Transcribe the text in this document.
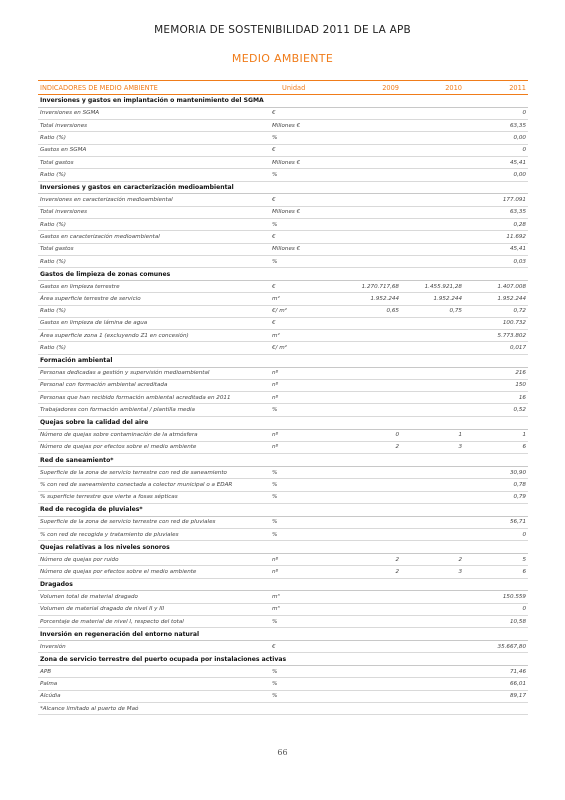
MEMORIA DE SOSTENIBILIDAD 2011 DE LA APB
MEDIO AMBIENTE
INDICADORES DE MEDIO AMBIENTE	Unidad	2009	2010	2011
Inversiones y gastos en implantación o mantenimiento del SGMA				
Inversiones en SGMA	€			0
Total inversiones	Millones €			63,35
Ratio (%)	%			0,00
Gastos en SGMA	€			0
Total gastos	Millones €			45,41
Ratio (%)	%			0,00
Inversiones y gastos en caracterización medioambiental				
Inversiones en caracterización medioambiental	€			177.091
Total inversiones	Millones €			63,35
Ratio (%)	%			0,28
Gastos en caracterización medioambiental	€			11.692
Total gastos	Millones €			45,41
Ratio (%)	%			0,03
Gastos de limpieza de zonas comunes				
Gastos en limpieza terrestre	€	1.270.717,68	1.455.921,28	1.407.008
Área superficie terrestre de servicio	m²	1.952.244	1.952.244	1.952.244
Ratio (%)	€/ m²	0,65	0,75	0,72
Gastos en limpieza de lámina de agua	€			100.732
Área superficie zona 1 (excluyendo Z1 en concesión)	m²			5.773.802
Ratio (%)	€/ m²			0,017
Formación ambiental				
Personas dedicadas a gestión y supervisión medioambiental	nº			216
Personal con formación ambiental acreditada	nº			150
Personas que han recibido formación ambiental acreditada en 2011	nº			16
Trabajadores con formación ambiental / plantilla media	%			0,52
Quejas sobre la calidad del aire				
Número de quejas sobre contaminación de la atmósfera	nº	0	1	1
Número de quejas por efectos sobre el medio ambiente	nº	2	3	6
Red de saneamiento*				
Superficie de la zona de servicio terrestre con red de saneamiento	%			30,90
% con red de saneamiento conectada a colector municipal o a EDAR	%			0,78
% superficie terrestre que vierte a fosas sépticas	%			0,79
Red de recogida de pluviales*				
Superficie de la zona de servicio terrestre con red de pluviales	%			56,71
% con red de recogida y tratamiento de pluviales	%			0
Quejas relativas a los niveles sonoros				
Número de quejas por ruido	nº	2	2	5
Número de quejas por efectos sobre el medio ambiente	nº	2	3	6
Dragados				
Volumen total de material dragado	m³			150.559
Volumen de material dragado de nivel II y III	m³			0
Porcentaje de material de nivel I, respecto del total	%			10,58
Inversión en regeneración del entorno natural				
Inversión	€			35.667,80
Zona de servicio terrestre del puerto ocupada por instalaciones activas				
APB	%			71,46
Palma	%			66,01
Alcúdia	%			89,17
*Alcance limitado al puerto de Maó				
66
